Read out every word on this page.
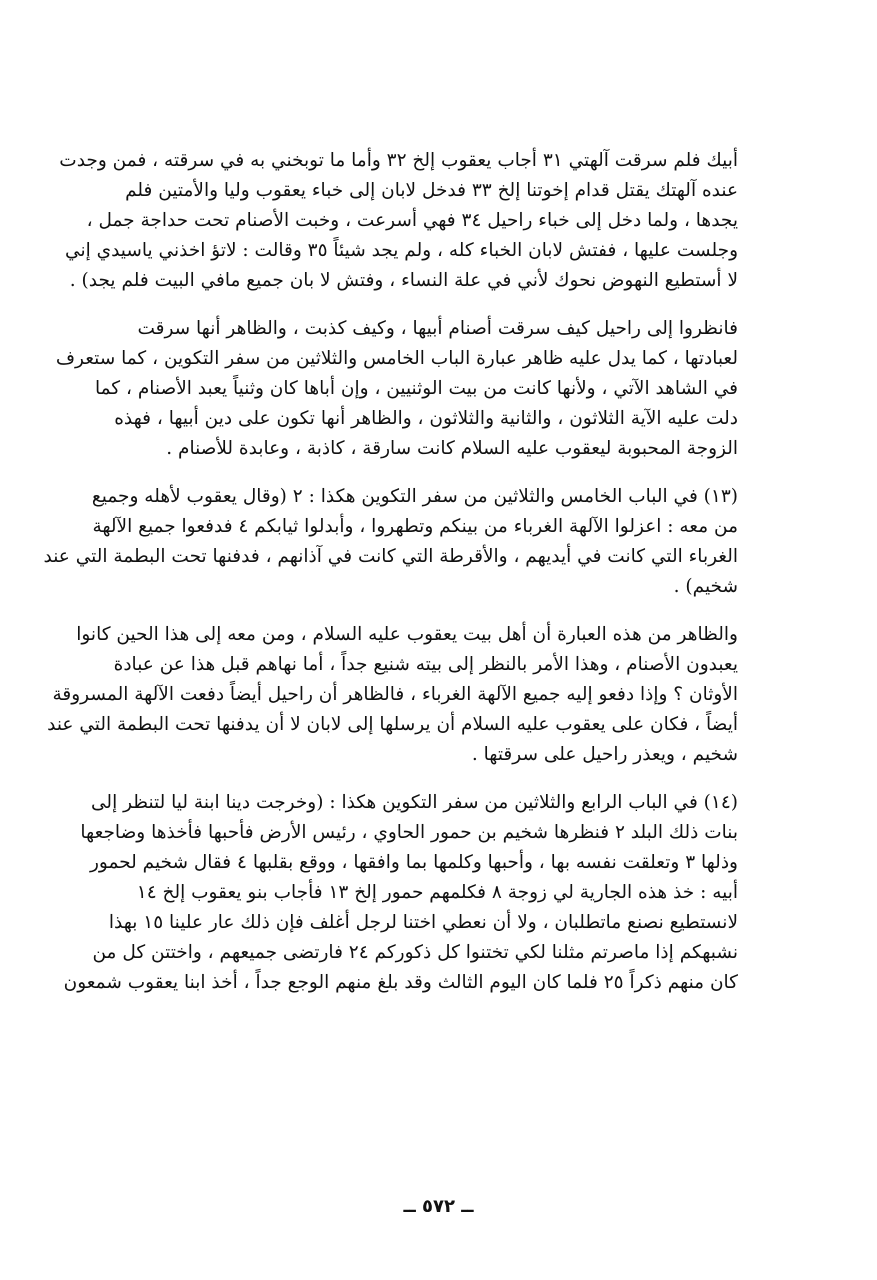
أبيك فلم سرقت آلهتي ٣١ أجاب يعقوب إلخ ٣٢ وأما ما توبخني به في سرقته ، فمن وجدت
عنده آلهتك يقتل قدام إخوتنا إلخ ٣٣ فدخل لابان إلى خباء يعقوب وليا والأمتين فلم
يجدها ، ولما دخل إلى خباء راحيل ٣٤ فهي أسرعت ، وخبت الأصنام تحت حداجة جمل ،
وجلست عليها ، ففتش لابان الخباء كله ، ولم يجد شيئاً ٣٥ وقالت : لاتؤ اخذني ياسيدي إني
لا أستطيع النهوض نحوك لأني في علة النساء ، وفتش لا بان جميع مافي البيت فلم يجد) .

فانظروا إلى راحيل كيف سرقت أصنام أبيها ، وكيف كذبت ، والظاهر أنها سرقت
لعبادتها ، كما يدل عليه ظاهر عبارة الباب الخامس والثلاثين من سفر التكوين ، كما ستعرف
في الشاهد الآتي ، ولأنها كانت من بيت الوثنيين ، وإن أباها كان وثنياً يعبد الأصنام ، كما
دلت عليه الآية الثلاثون ، والثانية والثلاثون ، والظاهر أنها تكون على دين أبيها ، فهذه
الزوجة المحبوبة ليعقوب عليه السلام كانت سارقة ، كاذبة ، وعابدة للأصنام .

(١٣) في الباب الخامس والثلاثين من سفر التكوين هكذا : ٢ (وقال يعقوب لأهله وجميع
من معه : اعزلوا الآلهة الغرباء من بينكم وتطهروا ، وأبدلوا ثيابكم ٤ فدفعوا جميع الآلهة
الغرباء التي كانت في أيديهم ، والأقرطة التي كانت في آذانهم ، فدفنها تحت البطمة التي عند
شخيم) .

والظاهر من هذه العبارة أن أهل بيت يعقوب عليه السلام ، ومن معه إلى هذا الحين كانوا
يعبدون الأصنام ، وهذا الأمر بالنظر إلى بيته شنيع جداً ، أما نهاهم قبل هذا عن عبادة
الأوثان ؟ وإذا دفعو إليه جميع الآلهة الغرباء ، فالظاهر أن راحيل أيضاً دفعت الآلهة المسروقة
أيضاً ، فكان على يعقوب عليه السلام أن يرسلها إلى لابان لا أن يدفنها تحت البطمة التي عند
شخيم ، ويعذر راحيل على سرقتها .

(١٤) في الباب الرابع والثلاثين من سفر التكوين هكذا : (وخرجت دينا ابنة ليا لتنظر إلى
بنات ذلك البلد ٢ فنظرها شخيم بن حمور الحاوي ، رئيس الأرض فأحبها فأخذها وضاجعها
وذلها ٣ وتعلقت نفسه بها ، وأحبها وكلمها بما وافقها ، ووقع بقلبها ٤ فقال شخيم لحمور
أبيه : خذ هذه الجارية لي زوجة ٨ فكلمهم حمور إلخ ١٣ فأجاب بنو يعقوب إلخ ١٤
لانستطيع نصنع ماتطلبان ، ولا أن نعطي اختنا لرجل أغلف فإن ذلك عار علينا ١٥ بهذا
نشبهكم إذا ماصرتم مثلنا لكي تختنوا كل ذكوركم ٢٤ فارتضى جميعهم ، واختتن كل من
كان منهم ذكراً ٢٥ فلما كان اليوم الثالث وقد بلغ منهم الوجع جداً ، أخذ ابنا يعقوب شمعون

ــ ٥٧٢ ــ
